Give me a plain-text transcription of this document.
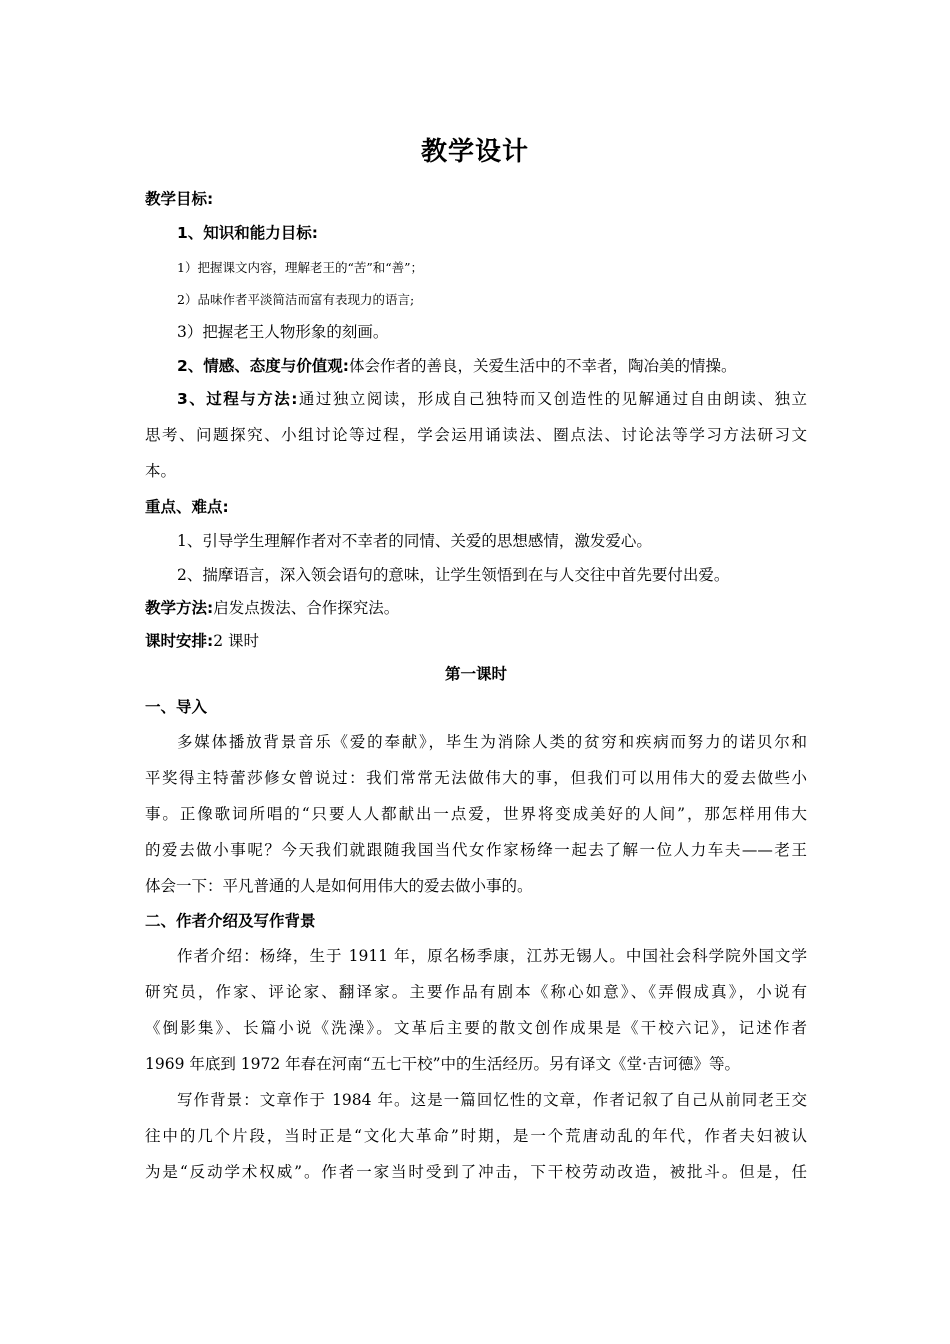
教学设计
教学目标:
1、知识和能力目标:
1）把握课文内容，理解老王的“苦”和“善”；
2）品味作者平淡简洁而富有表现力的语言;
3）把握老王人物形象的刻画。
2、情感、态度与价值观:体会作者的善良，关爱生活中的不幸者，陶冶美的情操。
3、过程与方法:通过独立阅读，形成自己独特而又创造性的见解通过自由朗读、独立
思考、问题探究、小组讨论等过程，学会运用诵读法、圈点法、讨论法等学习方法研习文
本。
重点、难点:
1、引导学生理解作者对不幸者的同情、关爱的思想感情，激发爱心。
2、揣摩语言，深入领会语句的意味，让学生领悟到在与人交往中首先要付出爱。
教学方法:启发点拨法、合作探究法。
课时安排:2 课时
第一课时
一、导入
多媒体播放背景音乐《爱的奉献》，毕生为消除人类的贫穷和疾病而努力的诺贝尔和
平奖得主特蕾莎修女曾说过：我们常常无法做伟大的事，但我们可以用伟大的爱去做些小
事。正像歌词所唱的“只要人人都献出一点爱，世界将变成美好的人间”，那怎样用伟大
的爱去做小事呢？今天我们就跟随我国当代女作家杨绛一起去了解一位人力车夫——老王
体会一下：平凡普通的人是如何用伟大的爱去做小事的。
二、作者介绍及写作背景
作者介绍：杨绛，生于 1911 年，原名杨季康，江苏无锡人。中国社会科学院外国文学
研究员，作家、评论家、翻译家。主要作品有剧本《称心如意》、《弄假成真》，小说有
《倒影集》、长篇小说《洗澡》。文革后主要的散文创作成果是《干校六记》，记述作者
1969 年底到 1972 年春在河南“五七干校”中的生活经历。另有译文《堂·吉诃德》等。
写作背景：文章作于 1984 年。这是一篇回忆性的文章，作者记叙了自己从前同老王交
往中的几个片段，当时正是“文化大革命”时期，是一个荒唐动乱的年代，作者夫妇被认
为是“反动学术权威”。作者一家当时受到了冲击，下干校劳动改造，被批斗。但是，任
